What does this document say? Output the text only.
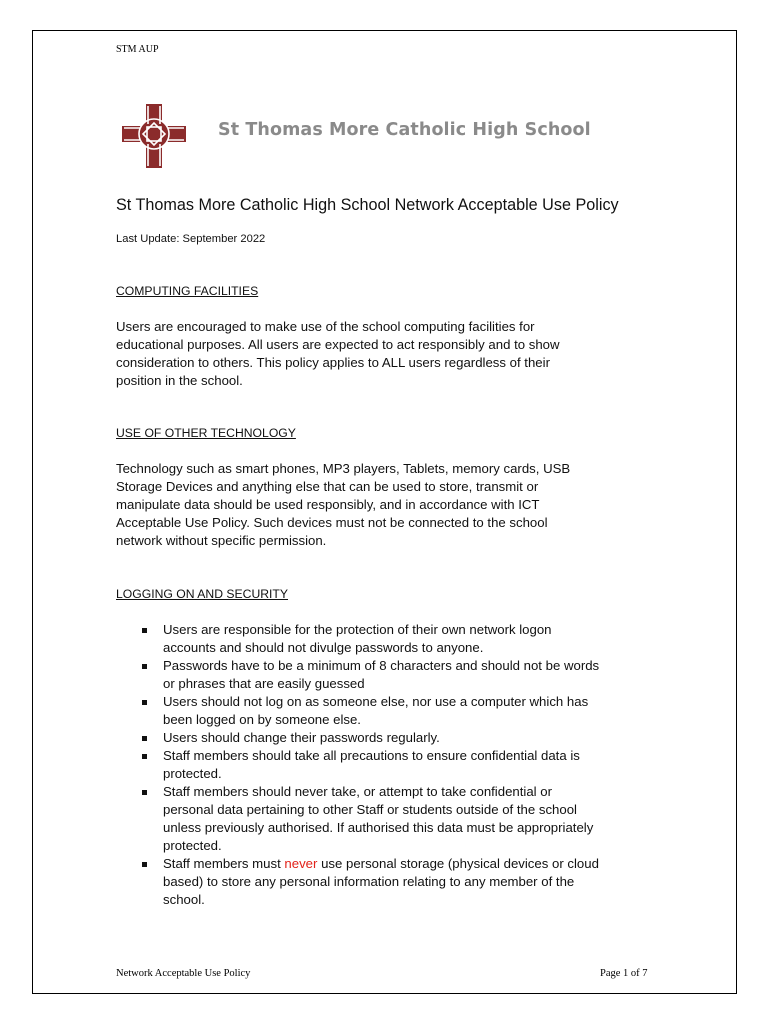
STM AUP
St Thomas More Catholic High School
St Thomas More Catholic High School Network Acceptable Use Policy
Last Update: September 2022
COMPUTING FACILITIES
Users are encouraged to make use of the school computing facilities for
educational purposes. All users are expected to act responsibly and to show
consideration to others. This policy applies to ALL users regardless of their
position in the school.
USE OF OTHER TECHNOLOGY
Technology such as smart phones, MP3 players, Tablets, memory cards, USB
Storage Devices and anything else that can be used to store, transmit or
manipulate data should be used responsibly, and in accordance with ICT
Acceptable Use Policy. Such devices must not be connected to the school
network without specific permission.
LOGGING ON AND SECURITY
Users are responsible for the protection of their own network logon
accounts and should not divulge passwords to anyone.
Passwords have to be a minimum of 8 characters and should not be words
or phrases that are easily guessed
Users should not log on as someone else, nor use a computer which has
been logged on by someone else.
Users should change their passwords regularly.
Staff members should take all precautions to ensure confidential data is
protected.
Staff members should never take, or attempt to take confidential or
personal data pertaining to other Staff or students outside of the school
unless previously authorised. If authorised this data must be appropriately
protected.
Staff members must never use personal storage (physical devices or cloud
based) to store any personal information relating to any member of the
school.
Network Acceptable Use Policy	Page 1 of 7
